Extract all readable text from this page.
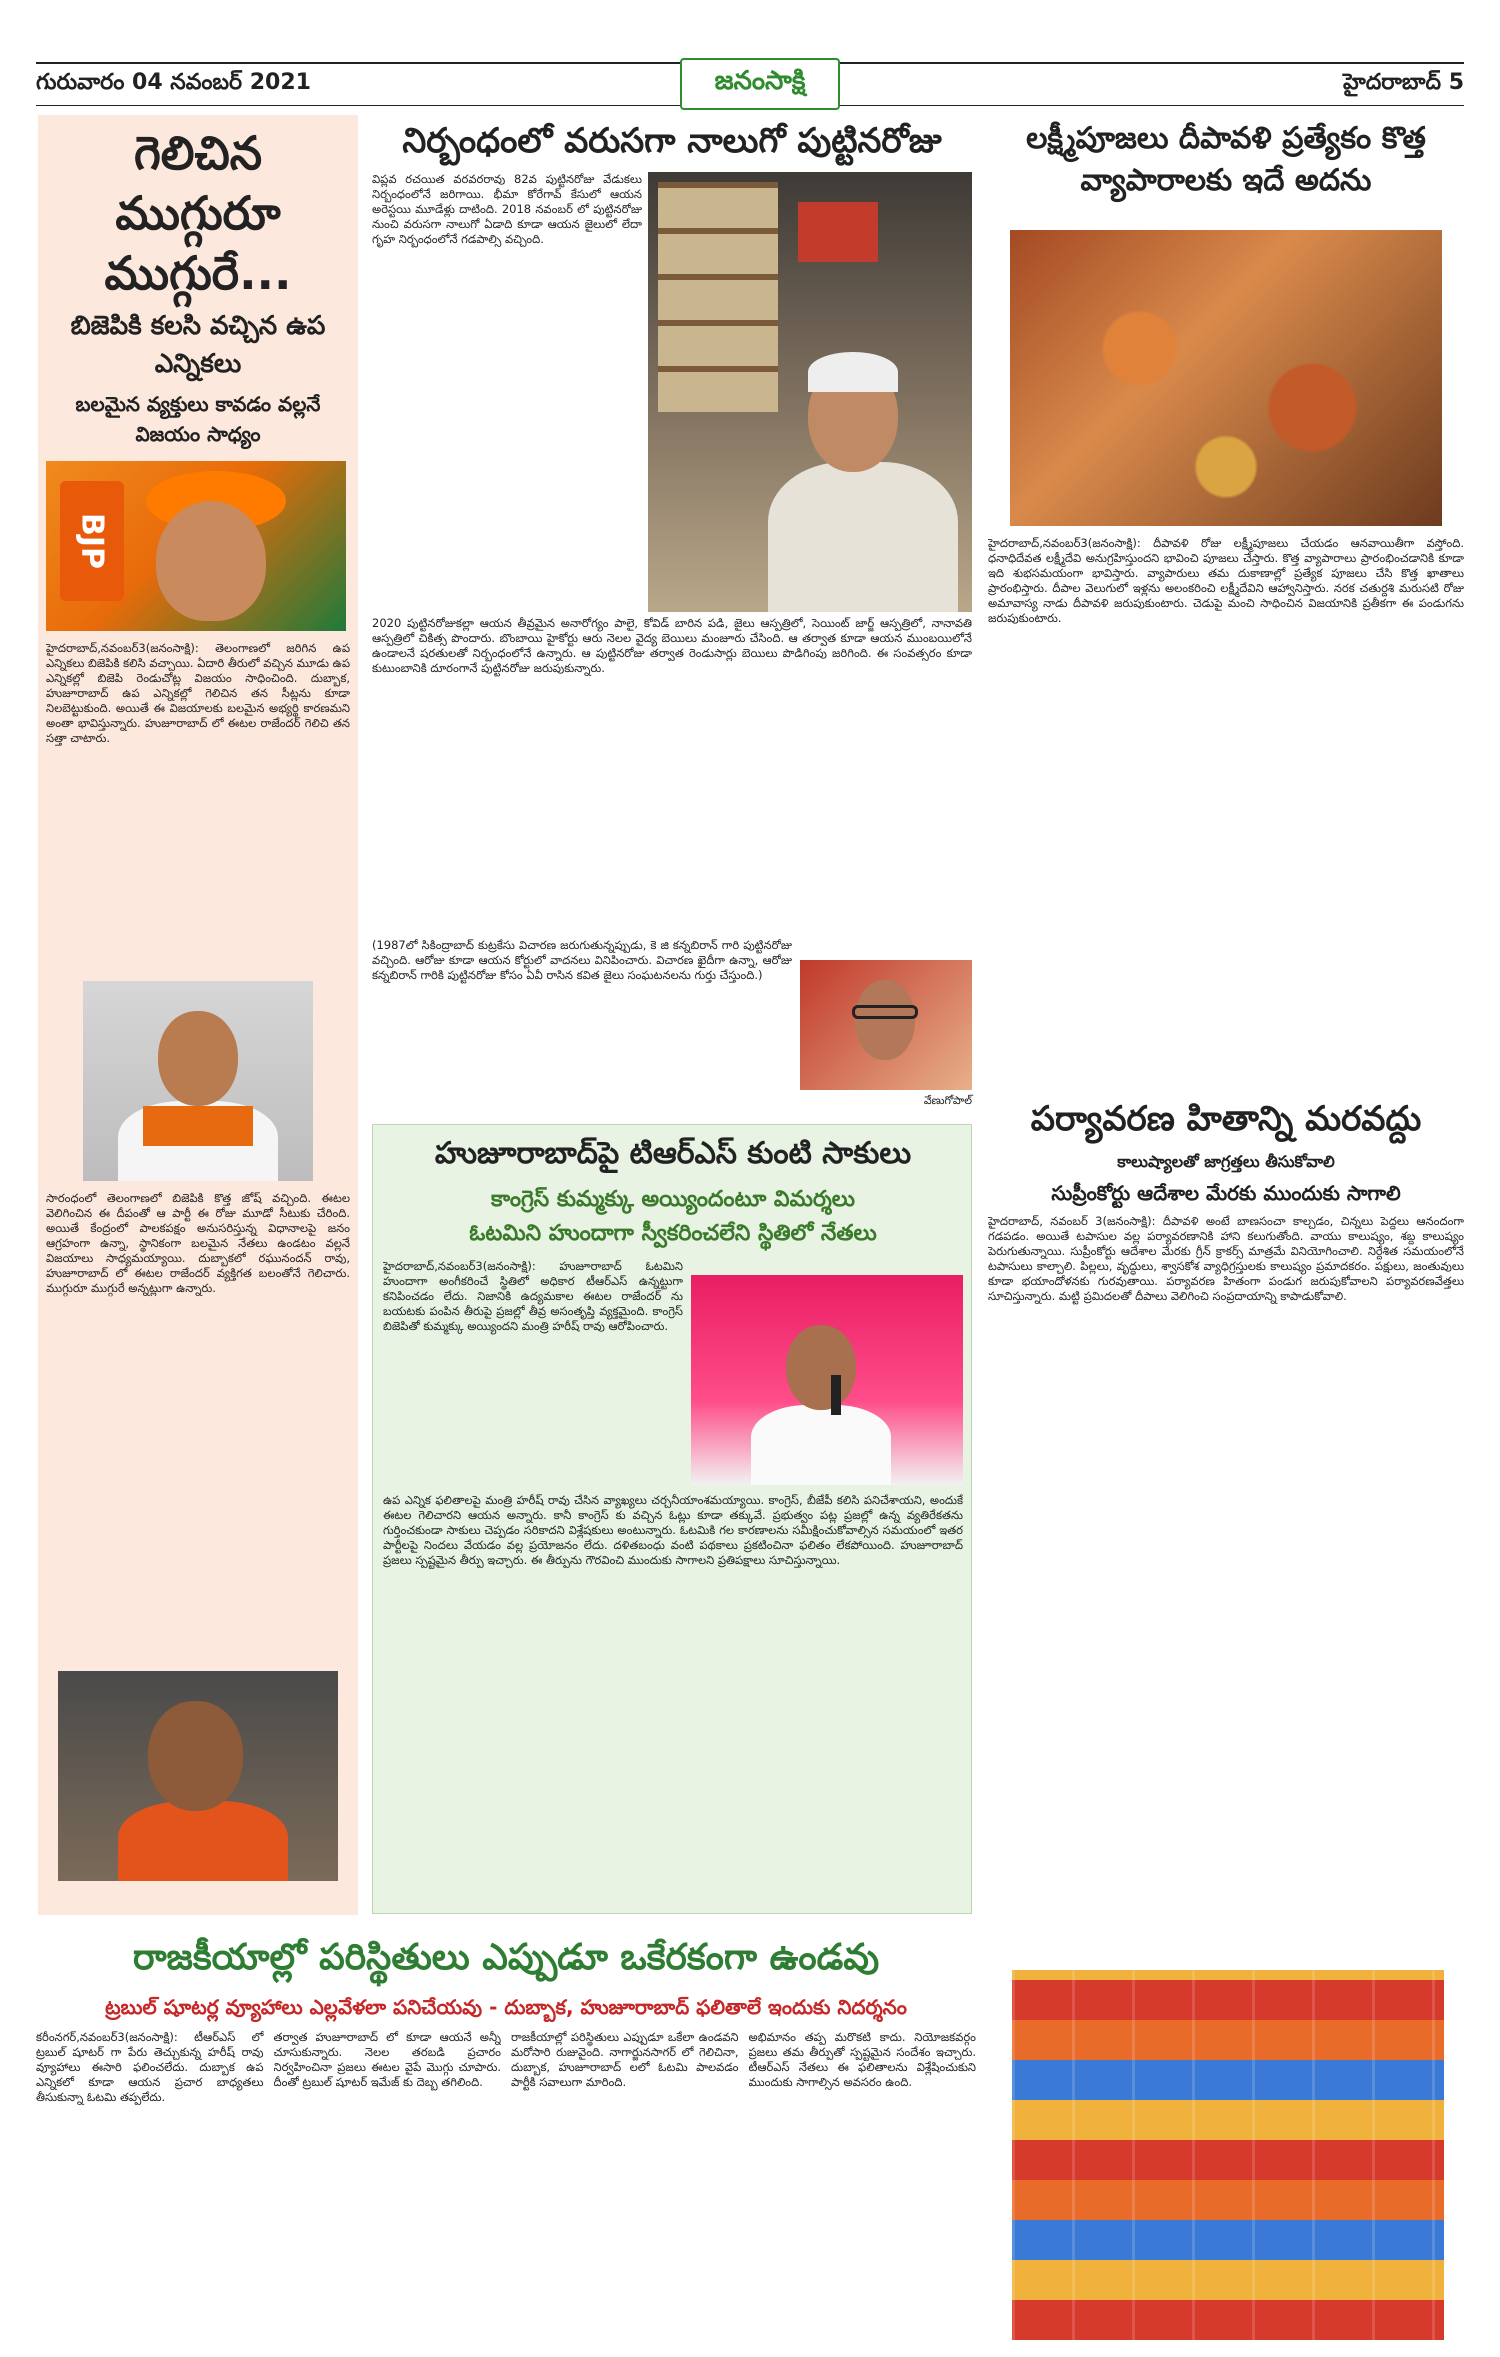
గురువారం 04 నవంబర్ 2021	హైదరాబాద్ 5
జనంసాక్షి
గెలిచిన ముగ్గురూ ముగ్గురే...
బిజెపికి కలసి వచ్చిన ఉప ఎన్నికలు
బలమైన వ్యక్తులు కావడం వల్లనే విజయం సాధ్యం
BJP
హైదరాబాద్,నవంబర్3(జనంసాక్షి): తెలంగాణలో జరిగిన ఉప ఎన్నికలు బిజెపికి కలిసి వచ్చాయి. ఏదారి తీరులో వచ్చిన మూడు ఉప ఎన్నికల్లో బిజెపి రెండుచోట్ల విజయం సాధించింది. దుబ్బాక, హుజూరాబాద్ ఉప ఎన్నికల్లో గెలిచిన తన సీట్లను కూడా నిలబెట్టుకుంది. అయితే ఈ విజయాలకు బలమైన అభ్యర్థి కారణమని అంతా భావిస్తున్నారు. హుజూరాబాద్ లో ఈటల రాజేందర్ గెలిచి తన సత్తా చాటారు.
సారంధంలో తెలంగాణలో బిజెపికి కొత్త జోష్ వచ్చింది. ఈటల వెలిగించిన ఈ దీపంతో ఆ పార్టీ ఈ రోజు మూడో సీటుకు చేరింది. అయితే కేంద్రంలో పాలకపక్షం అనుసరిస్తున్న విధానాలపై జనం ఆగ్రహంగా ఉన్నా, స్థానికంగా బలమైన నేతలు ఉండటం వల్లనే విజయాలు సాధ్యమయ్యాయి. దుబ్బాకలో రఘునందన్ రావు, హుజూరాబాద్ లో ఈటల రాజేందర్ వ్యక్తిగత బలంతోనే గెలిచారు. ముగ్గురూ ముగ్గురే అన్నట్లుగా ఉన్నారు.
నిర్బంధంలో వరుసగా నాలుగో పుట్టినరోజు
విప్లవ రచయిత వరవరరావు 82వ పుట్టినరోజు వేడుకలు నిర్బంధంలోనే జరిగాయి. భీమా కోరేగావ్ కేసులో ఆయన అరెస్టయి మూడేళ్లు దాటింది. 2018 నవంబర్ లో పుట్టినరోజు నుంచి వరుసగా నాలుగో ఏడాది కూడా ఆయన జైలులో లేదా గృహ నిర్బంధంలోనే గడపాల్సి వచ్చింది.
2020 పుట్టినరోజుకల్లా ఆయన తీవ్రమైన అనారోగ్యం పాలై, కోవిడ్ బారిన పడి, జైలు ఆస్పత్రిలో, సెయింట్ జార్జ్ ఆస్పత్రిలో, నానావతి ఆస్పత్రిలో చికిత్స పొందారు. బొంబాయి హైకోర్టు ఆరు నెలల వైద్య బెయిలు మంజూరు చేసింది. ఆ తర్వాత కూడా ఆయన ముంబయిలోనే ఉండాలనే షరతులతో నిర్బంధంలోనే ఉన్నారు. ఆ పుట్టినరోజు తర్వాత రెండుసార్లు బెయిలు పొడిగింపు జరిగింది. ఈ సంవత్సరం కూడా కుటుంబానికి దూరంగానే పుట్టినరోజు జరుపుకున్నారు.
(1987లో సికింద్రాబాద్ కుట్రకేసు విచారణ జరుగుతున్నప్పుడు, కె జి కన్నబిరాన్ గారి పుట్టినరోజు వచ్చింది. ఆరోజు కూడా ఆయన కోర్టులో వాదనలు వినిపించారు. విచారణ ఖైదీగా ఉన్నా, ఆరోజు కన్నబిరాన్ గారికి పుట్టినరోజు కోసం ఏవీ రాసిన కవిత జైలు సంఘటనలను గుర్తు చేస్తుంది.)
వేణుగోపాల్
హుజూరాబాద్‌పై టిఆర్‌ఎస్ కుంటి సాకులు
కాంగ్రెస్ కుమ్మక్కు అయ్యిందంటూ విమర్శలు
ఓటమిని హుందాగా స్వీకరించలేని స్థితిలో నేతలు
హైదరాబాద్,నవంబర్3(జనంసాక్షి): హుజూరాబాద్ ఓటమిని హుందాగా అంగీకరించే స్థితిలో అధికార టీఆర్ఎస్ ఉన్నట్టుగా కనిపించడం లేదు. నిజానికి ఉద్యమకాల ఈటల రాజేందర్ ను బయటకు పంపిన తీరుపై ప్రజల్లో తీవ్ర అసంతృప్తి వ్యక్తమైంది. కాంగ్రెస్ బిజెపితో కుమ్మక్కు అయ్యిందని మంత్రి హరీష్ రావు ఆరోపించారు.
ఉప ఎన్నిక ఫలితాలపై మంత్రి హరీష్ రావు చేసిన వ్యాఖ్యలు చర్చనీయాంశమయ్యాయి. కాంగ్రెస్, బీజేపీ కలిసి పనిచేశాయని, అందుకే ఈటల గెలిచారని ఆయన అన్నారు. కానీ కాంగ్రెస్ కు వచ్చిన ఓట్లు కూడా తక్కువే. ప్రభుత్వం పట్ల ప్రజల్లో ఉన్న వ్యతిరేకతను గుర్తించకుండా సాకులు చెప్పడం సరికాదని విశ్లేషకులు అంటున్నారు. ఓటమికి గల కారణాలను సమీక్షించుకోవాల్సిన సమయంలో ఇతర పార్టీలపై నిందలు వేయడం వల్ల ప్రయోజనం లేదు. దళితబంధు వంటి పథకాలు ప్రకటించినా ఫలితం లేకపోయింది. హుజూరాబాద్ ప్రజలు స్పష్టమైన తీర్పు ఇచ్చారు. ఈ తీర్పును గౌరవించి ముందుకు సాగాలని ప్రతిపక్షాలు సూచిస్తున్నాయి.
లక్ష్మీపూజలు దీపావళి ప్రత్యేకం కొత్త వ్యాపారాలకు ఇదే అదను
హైదరాబాద్,నవంబర్3(జనంసాక్షి): దీపావళి రోజు లక్ష్మీపూజలు చేయడం ఆనవాయితీగా వస్తోంది. ధనాధిదేవత లక్ష్మీదేవి అనుగ్రహిస్తుందని భావించి పూజలు చేస్తారు. కొత్త వ్యాపారాలు ప్రారంభించడానికి కూడా ఇది శుభసమయంగా భావిస్తారు. వ్యాపారులు తమ దుకాణాల్లో ప్రత్యేక పూజలు చేసి కొత్త ఖాతాలు ప్రారంభిస్తారు. దీపాల వెలుగులో ఇళ్లను అలంకరించి లక్ష్మీదేవిని ఆహ్వానిస్తారు. నరక చతుర్దశి మరుసటి రోజు అమావాస్య నాడు దీపావళి జరుపుకుంటారు. చెడుపై మంచి సాధించిన విజయానికి ప్రతీకగా ఈ పండుగను జరుపుకుంటారు.
పర్యావరణ హితాన్ని మరవద్దు
కాలుష్యాలతో జాగ్రత్తలు తీసుకోవాలి
సుప్రీంకోర్టు ఆదేశాల మేరకు ముందుకు సాగాలి
హైదరాబాద్, నవంబర్ 3(జనంసాక్షి): దీపావళి అంటే బాణసంచా కాల్చడం, చిన్నలు పెద్దలు ఆనందంగా గడపడం. అయితే టపాసుల వల్ల పర్యావరణానికి హాని కలుగుతోంది. వాయు కాలుష్యం, శబ్ద కాలుష్యం పెరుగుతున్నాయి. సుప్రీంకోర్టు ఆదేశాల మేరకు గ్రీన్ క్రాకర్స్ మాత్రమే వినియోగించాలి. నిర్దేశిత సమయంలోనే టపాసులు కాల్చాలి. పిల్లలు, వృద్ధులు, శ్వాసకోశ వ్యాధిగ్రస్తులకు కాలుష్యం ప్రమాదకరం. పక్షులు, జంతువులు కూడా భయాందోళనకు గురవుతాయి. పర్యావరణ హితంగా పండుగ జరుపుకోవాలని పర్యావరణవేత్తలు సూచిస్తున్నారు. మట్టి ప్రమిదలతో దీపాలు వెలిగించి సంప్రదాయాన్ని కాపాడుకోవాలి.
రాజకీయాల్లో పరిస్థితులు ఎప్పుడూ ఒకేరకంగా ఉండవు
ట్రబుల్ షూటర్ల వ్యూహాలు ఎల్లవేళలా పనిచేయవు - దుబ్బాక, హుజూరాబాద్ ఫలితాలే ఇందుకు నిదర్శనం
కరీంనగర్,నవంబర్3(జనంసాక్షి): టీఆర్ఎస్ లో ట్రబుల్ షూటర్ గా పేరు తెచ్చుకున్న హరీష్ రావు వ్యూహాలు ఈసారి ఫలించలేదు. దుబ్బాక ఉప ఎన్నికలో కూడా ఆయన ప్రచార బాధ్యతలు తీసుకున్నా ఓటమి తప్పలేదు.
తర్వాత హుజూరాబాద్ లో కూడా ఆయనే అన్నీ చూసుకున్నారు. నెలల తరబడి ప్రచారం నిర్వహించినా ప్రజలు ఈటల వైపే మొగ్గు చూపారు. దీంతో ట్రబుల్ షూటర్ ఇమేజ్ కు దెబ్బ తగిలింది.
రాజకీయాల్లో పరిస్థితులు ఎప్పుడూ ఒకేలా ఉండవని మరోసారి రుజువైంది. నాగార్జునసాగర్ లో గెలిచినా, దుబ్బాక, హుజూరాబాద్ లలో ఓటమి పాలవడం పార్టీకి సవాలుగా మారింది.
అభిమానం తప్ప మరొకటి కాదు. నియోజకవర్గం ప్రజలు తమ తీర్పుతో స్పష్టమైన సందేశం ఇచ్చారు. టీఆర్ఎస్ నేతలు ఈ ఫలితాలను విశ్లేషించుకుని ముందుకు సాగాల్సిన అవసరం ఉంది.
